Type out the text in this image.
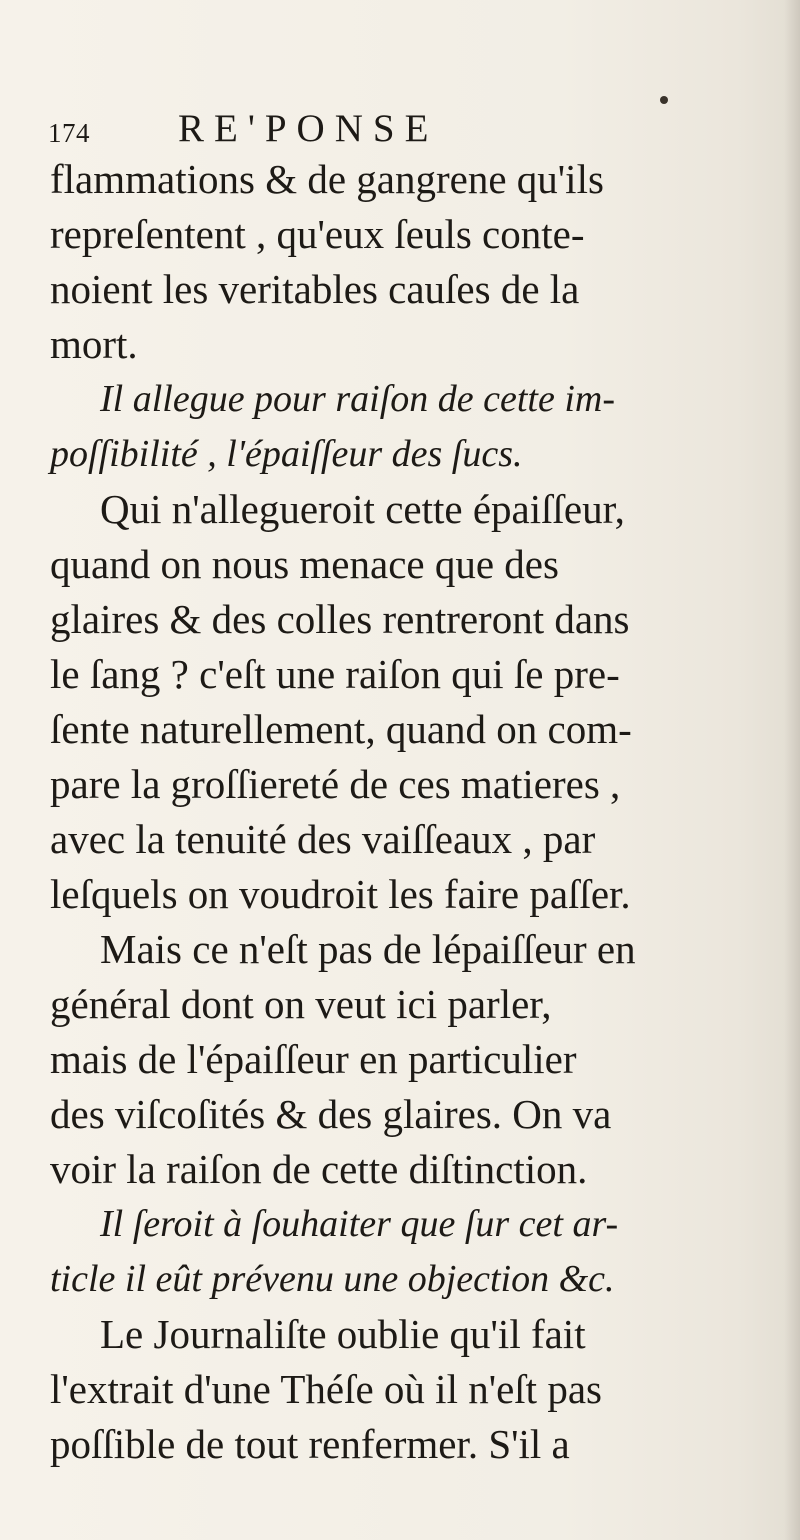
174 RE'PONSE
flammations & de gangrene qu'ils
repreſentent , qu'eux ſeuls conte-
noient les veritables cauſes de la
mort.
Il allegue pour raiſon de cette im-
poſſibilité , l'épaiſſeur des ſucs.
Qui n'allegueroit cette épaiſſeur,
quand on nous menace que des
glaires & des colles rentreront dans
le ſang ? c'eſt une raiſon qui ſe pre-
ſente naturellement, quand on com-
pare la groſſiereté de ces matieres ,
avec la tenuité des vaiſſeaux , par
leſquels on voudroit les faire paſſer.
Mais ce n'eſt pas de lépaiſſeur en
général dont on veut ici parler,
mais de l'épaiſſeur en particulier
des viſcoſités & des glaires. On va
voir la raiſon de cette diſtinction.
Il ſeroit à ſouhaiter que ſur cet ar-
ticle il eût prévenu une objection &c.
Le Journaliſte oublie qu'il fait
l'extrait d'une Théſe où il n'eſt pas
poſſible de tout renfermer. S'il a
